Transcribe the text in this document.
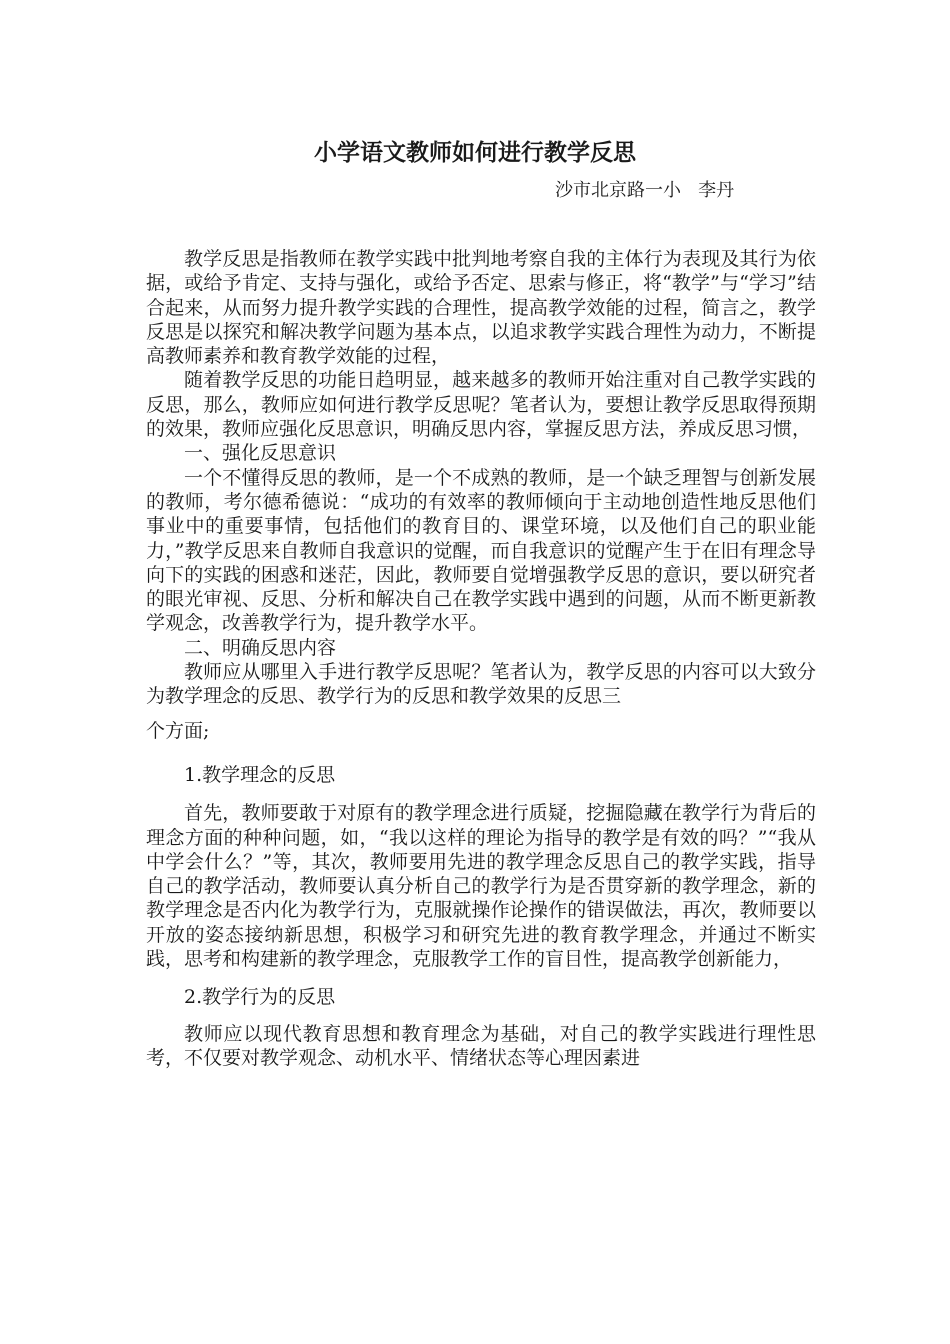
小学语文教师如何进行教学反思
沙市北京路一小   李丹

教学反思是指教师在教学实践中批判地考察自我的主体行为表现及其行为依据，或给予肯定、支持与强化，或给予否定、思索与修正，将“教学”与“学习”结合起来，从而努力提升教学实践的合理性，提高教学效能的过程，简言之，教学反思是以探究和解决教学问题为基本点，以追求教学实践合理性为动力，不断提高教师素养和教育教学效能的过程，

随着教学反思的功能日趋明显，越来越多的教师开始注重对自己教学实践的反思，那么，教师应如何进行教学反思呢？笔者认为，要想让教学反思取得预期的效果，教师应强化反思意识，明确反思内容，掌握反思方法，养成反思习惯，

一、强化反思意识

一个不懂得反思的教师，是一个不成熟的教师，是一个缺乏理智与创新发展的教师，考尔德希德说：“成功的有效率的教师倾向于主动地创造性地反思他们事业中的重要事情，包括他们的教育目的、课堂环境，以及他们自己的职业能力，”教学反思来自教师自我意识的觉醒，而自我意识的觉醒产生于在旧有理念导向下的实践的困惑和迷茫，因此，教师要自觉增强教学反思的意识，要以研究者的眼光审视、反思、分析和解决自己在教学实践中遇到的问题，从而不断更新教学观念，改善教学行为，提升教学水平。

二、明确反思内容

教师应从哪里入手进行教学反思呢？笔者认为，教学反思的内容可以大致分为教学理念的反思、教学行为的反思和教学效果的反思三

个方面;

1.教学理念的反思

首先，教师要敢于对原有的教学理念进行质疑，挖掘隐藏在教学行为背后的理念方面的种种问题，如，“我以这样的理论为指导的教学是有效的吗？”“我从中学会什么？”等，其次，教师要用先进的教学理念反思自己的教学实践，指导自己的教学活动，教师要认真分析自己的教学行为是否贯穿新的教学理念，新的教学理念是否内化为教学行为，克服就操作论操作的错误做法，再次，教师要以开放的姿态接纳新思想，积极学习和研究先进的教育教学理念，并通过不断实践，思考和构建新的教学理念，克服教学工作的盲目性，提高教学创新能力，

2.教学行为的反思

教师应以现代教育思想和教育理念为基础，对自己的教学实践进行理性思考，不仅要对教学观念、动机水平、情绪状态等心理因素进
